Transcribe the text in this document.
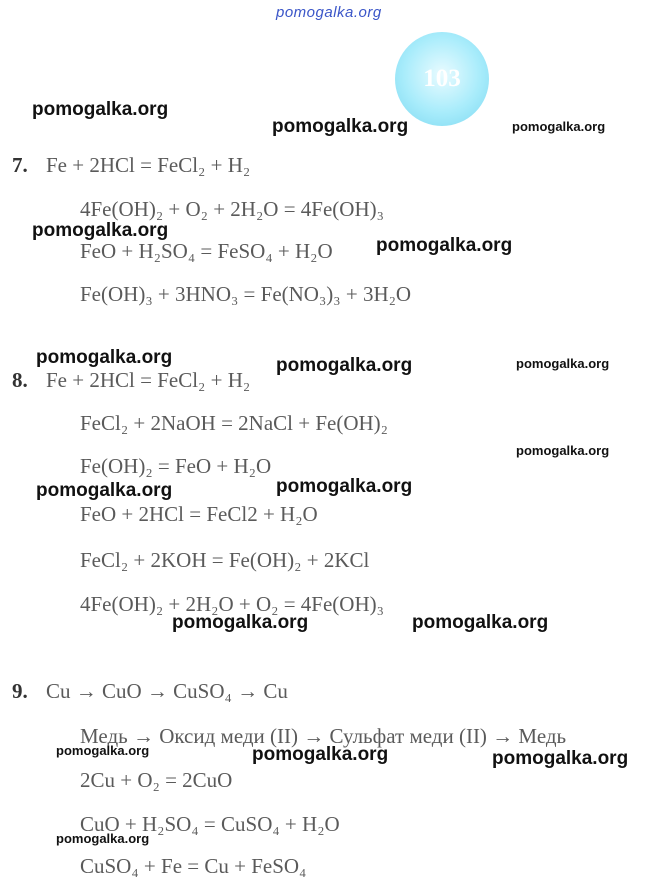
pomogalka.org
103
7. Fe + 2HCl = FeCl₂ + H₂
4Fe(OH)₂ + O₂ + 2H₂O = 4Fe(OH)₃
FeO + H₂SO₄ = FeSO₄ + H₂O
Fe(OH)₃ + 3HNO₃ = Fe(NO₃)₃ + 3H₂O
8. Fe + 2HCl = FeCl₂ + H₂
FeCl₂ + 2NaOH = 2NaCl + Fe(OH)₂
Fe(OH)₂ = FeO + H₂O
FeO + 2HCl = FeCl2 + H₂O
FeCl₂ + 2KOH = Fe(OH)₂ + 2KCl
4Fe(OH)₂ + 2H₂O + O₂ = 4Fe(OH)₃
9. Cu → CuO → CuSO₄ → Cu
Медь → Оксид меди (II) → Сульфат меди (II) → Медь
2Cu + O₂ = 2CuO
CuO + H₂SO₄ = CuSO₄ + H₂O
CuSO₄ + Fe = Cu + FeSO₄
pomogalka.org
pomogalka.org	pomogalka.org
pomogalka.org
pomogalka.org
pomogalka.org	pomogalka.org	pomogalka.org
pomogalka.org
pomogalka.org	pomogalka.org
pomogalka.org	pomogalka.org
pomogalka.org	pomogalka.org	pomogalka.org
pomogalka.org
